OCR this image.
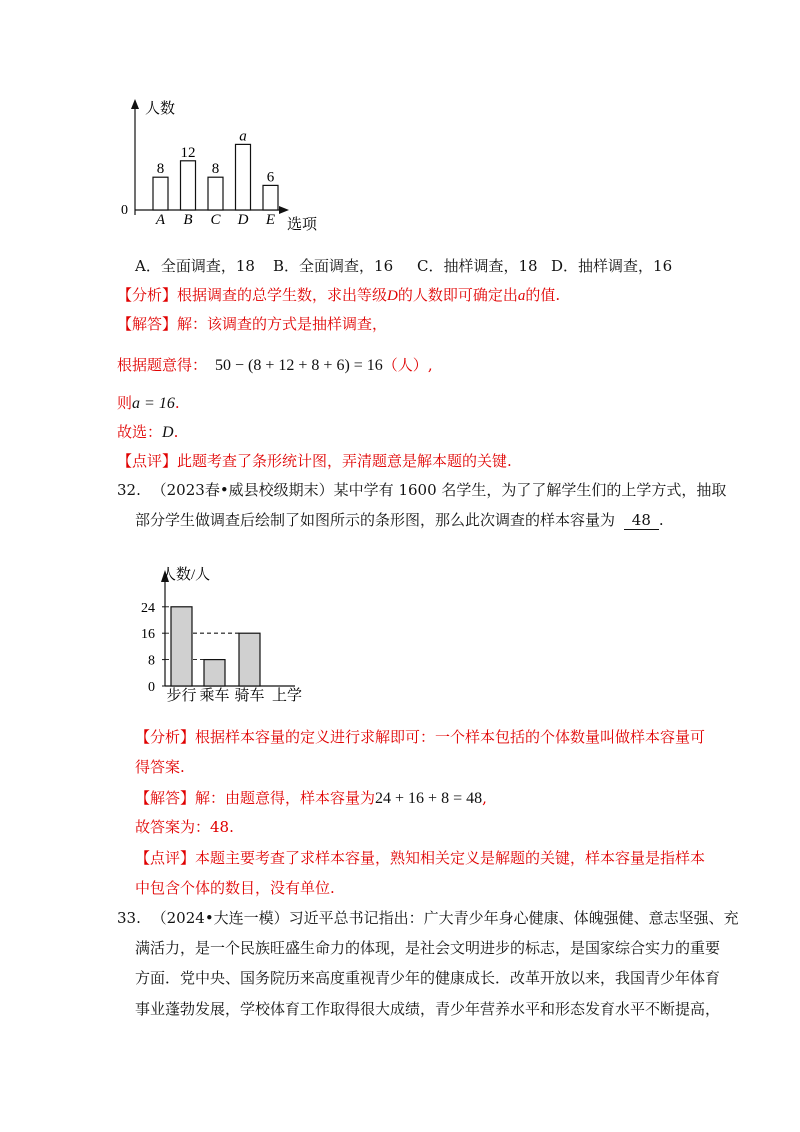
人数
选项
0
8
A
12
B
8
C
a
D
6
E
A．全面调查，18 B．全面调查，16 C．抽样调查，18 D．抽样调查，16
【分析】根据调查的总学生数，求出等级D的人数即可确定出a的值.
【解答】解：该调查的方式是抽样调查，
根据题意得： 50 − (8 + 12 + 8 + 6) = 16（人）,
则a = 16.
故选：D.
【点评】此题考查了条形统计图，弄清题意是解本题的关键.
32. （2023春•威县校级期末）某中学有 1600 名学生，为了了解学生们的上学方式，抽取
部分学生做调查后绘制了如图所示的条形图，那么此次调查的样本容量为 48 .
人数/人
上学
0
8
16
24
步行 乘车 骑车
【分析】根据样本容量的定义进行求解即可：一个样本包括的个体数量叫做样本容量可
得答案.
【解答】解：由题意得，样本容量为24 + 16 + 8 = 48,
故答案为：48.
【点评】本题主要考查了求样本容量，熟知相关定义是解题的关键，样本容量是指样本
中包含个体的数目，没有单位.
33. （2024•大连一模）习近平总书记指出：广大青少年身心健康、体魄强健、意志坚强、充
满活力，是一个民族旺盛生命力的体现，是社会文明进步的标志，是国家综合实力的重要
方面．党中央、国务院历来高度重视青少年的健康成长．改革开放以来，我国青少年体育
事业蓬勃发展，学校体育工作取得很大成绩，青少年营养水平和形态发育水平不断提高，
